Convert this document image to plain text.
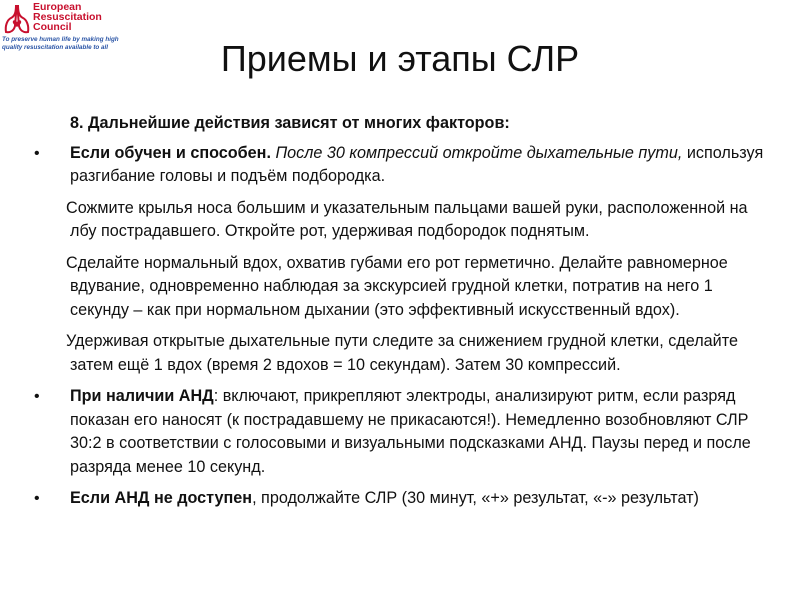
European
Resuscitation
Council
To preserve human life by making high quality resuscitation available to all	Приемы и этапы СЛР

8. Дальнейшие действия зависят от многих факторов:

• Если обучен и способен. После 30 компрессий откройте дыхательные пути, используя разгибание головы и подъём подбородка.

Сожмите крылья носа большим и указательным пальцами вашей руки, расположенной на лбу пострадавшего. Откройте рот, удерживая подбородок поднятым.

Сделайте нормальный вдох, охватив губами его рот герметично. Делайте равномерное вдувание, одновременно наблюдая за экскурсией грудной клетки, потратив на него 1 секунду – как при нормальном дыхании (это эффективный искусственный вдох).

Удерживая открытые дыхательные пути следите за снижением грудной клетки, сделайте затем ещё 1 вдох (время 2 вдохов = 10 секундам). Затем 30 компрессий.

• При наличии АНД: включают, прикрепляют электроды, анализируют ритм, если разряд показан его наносят (к пострадавшему не прикасаются!). Немедленно возобновляют СЛР 30:2 в соответствии с голосовыми и визуальными подсказками АНД. Паузы перед и после разряда менее 10 секунд.

• Если АНД не доступен, продолжайте СЛР (30 минут, «+» результат, «-» результат)
